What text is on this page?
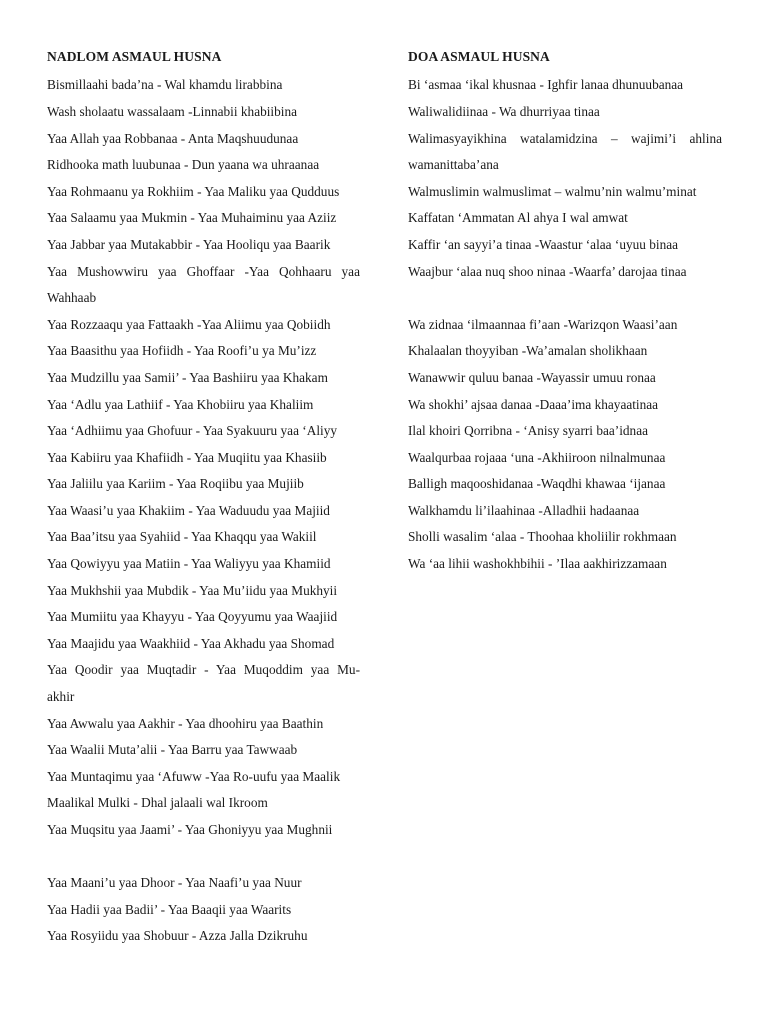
NADLOM ASMAUL HUSNA
Bismillaahi bada’na - Wal khamdu lirabbina
Wash sholaatu wassalaam -Linnabii khabiibina
Yaa Allah yaa Robbanaa - Anta Maqshuudunaa
Ridhooka math luubunaa - Dun yaana wa uhraanaa
Yaa Rohmaanu ya Rokhiim - Yaa Maliku yaa Qudduus
Yaa Salaamu yaa Mukmin - Yaa Muhaiminu yaa Aziiz
Yaa Jabbar yaa Mutakabbir - Yaa Hooliqu yaa Baarik
Yaa Mushowwiru yaa Ghoffaar -Yaa Qohhaaru yaa
Wahhaab
Yaa Rozzaaqu yaa Fattaakh -Yaa Aliimu yaa Qobiidh
Yaa Baasithu yaa Hofiidh - Yaa Roofi’u ya Mu’izz
Yaa Mudzillu yaa Samii’ - Yaa Bashiiru yaa Khakam
Yaa ‘Adlu yaa Lathiif - Yaa Khobiiru yaa Khaliim
Yaa ‘Adhiimu yaa Ghofuur - Yaa Syakuuru yaa ‘Aliyy
Yaa Kabiiru yaa Khafiidh - Yaa Muqiitu yaa Khasiib
Yaa Jaliilu yaa Kariim - Yaa Roqiibu yaa Mujiib
Yaa Waasi’u yaa Khakiim - Yaa Waduudu yaa Majiid
Yaa Baa’itsu yaa Syahiid - Yaa Khaqqu yaa Wakiil
Yaa Qowiyyu yaa Matiin - Yaa Waliyyu yaa Khamiid
Yaa Mukhshii yaa Mubdik - Yaa Mu’iidu yaa Mukhyii
Yaa Mumiitu yaa Khayyu - Yaa Qoyyumu yaa Waajiid
Yaa Maajidu yaa Waakhiid - Yaa Akhadu yaa Shomad
Yaa Qoodir yaa Muqtadir - Yaa Muqoddim yaa Mu-
akhir
Yaa Awwalu yaa Aakhir - Yaa dhoohiru yaa Baathin
Yaa Waalii Muta’alii - Yaa Barru yaa Tawwaab
Yaa Muntaqimu yaa ‘Afuww -Yaa Ro-uufu yaa Maalik
Maalikal Mulki - Dhal jalaali wal Ikroom
Yaa Muqsitu yaa Jaami’ - Yaa Ghoniyyu yaa Mughnii
Yaa Maani’u yaa Dhoor - Yaa Naafi’u yaa Nuur
Yaa Hadii yaa Badii’ - Yaa Baaqii yaa Waarits
Yaa Rosyiidu yaa Shobuur - Azza Jalla Dzikruhu
DOA ASMAUL HUSNA
Bi ‘asmaa ‘ikal khusnaa - Ighfir lanaa dhunuubanaa
Waliwalidiinaa - Wa dhurriyaa tinaa
Walimasyayikhina watalamidzina – wajimi’i ahlina
wamanittaba’ana
Walmuslimin walmuslimat – walmu’nin walmu’minat
Kaffatan ‘Ammatan Al ahya I wal amwat
Kaffir ‘an sayyi’a tinaa -Waastur ‘alaa ‘uyuu binaa
Waajbur ‘alaa nuq shoo ninaa -Waarfa’ darojaa tinaa
Wa zidnaa ‘ilmaannaa fi’aan -Warizqon Waasi’aan
Khalaalan thoyyiban -Wa’amalan sholikhaan
Wanawwir quluu banaa -Wayassir umuu ronaa
Wa shokhi’ ajsaa danaa -Daaa’ima khayaatinaa
Ilal khoiri Qorribna - ‘Anisy syarri baa’idnaa
Waalqurbaa rojaaa ‘una -Akhiiroon nilnalmunaa
Balligh maqooshidanaa -Waqdhi khawaa ‘ijanaa
Walkhamdu li’ilaahinaa -Alladhii hadaanaa
Sholli wasalim ‘alaa - Thoohaa kholiilir rokhmaan
Wa ‘aa lihii washokhbihii - ’Ilaa aakhirizzamaan
